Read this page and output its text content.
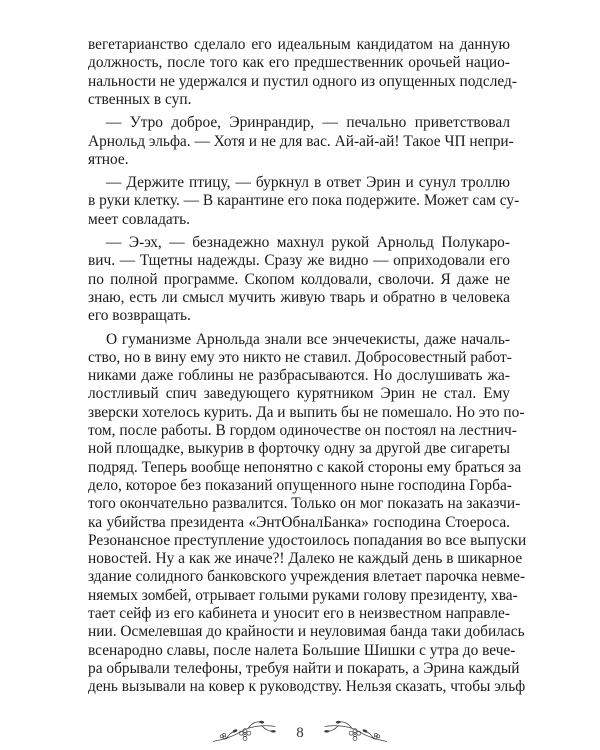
вегетарианство сделало его идеальным кандидатом на данную
должность, после того как его предшественник орочьей нацио-
нальности не удержался и пустил одного из опущенных подслед-
ственных в суп.
— Утро доброе, Эринрандир, — печально приветствовал
Арнольд эльфа. — Хотя и не для вас. Ай-ай-ай! Такое ЧП непри-
ятное.
— Держите птицу, — буркнул в ответ Эрин и сунул троллю
в руки клетку. — В карантине его пока подержите. Может сам су-
меет совладать.
— Э-эх, — безнадежно махнул рукой Арнольд Полукаро-
вич. — Тщетны надежды. Сразу же видно — оприходовали его
по полной программе. Скопом колдовали, сволочи. Я даже не
знаю, есть ли смысл мучить живую тварь и обратно в человека
его возвращать.
О гуманизме Арнольда знали все энчечекисты, даже началь-
ство, но в вину ему это никто не ставил. Добросовестный работ-
никами даже гоблины не разбрасываются. Но дослушивать жа-
лостливый спич заведующего курятником Эрин не стал. Ему
зверски хотелось курить. Да и выпить бы не помешало. Но это по-
том, после работы. В гордом одиночестве он постоял на лестнич-
ной площадке, выкурив в форточку одну за другой две сигареты
подряд. Теперь вообще непонятно с какой стороны ему браться за
дело, которое без показаний опущенного ныне господина Горба-
того окончательно развалится. Только он мог показать на заказчи-
ка убийства президента «ЭнтОбналБанка» господина Стоероса.
Резонансное преступление удостоилось попадания во все выпуски
новостей. Ну а как же иначе?! Далеко не каждый день в шикарное
здание солидного банковского учреждения влетает парочка невме-
няемых зомбей, отрывает голыми руками голову президенту, хва-
тает сейф из его кабинета и уносит его в неизвестном направле-
нии. Осмелевшая до крайности и неуловимая банда таки добилась
всенародно славы, после налета Большие Шишки с утра до вече-
ра обрывали телефоны, требуя найти и покарать, а Эрина каждый
день вызывали на ковер к руководству. Нельзя сказать, чтобы эльф
8
